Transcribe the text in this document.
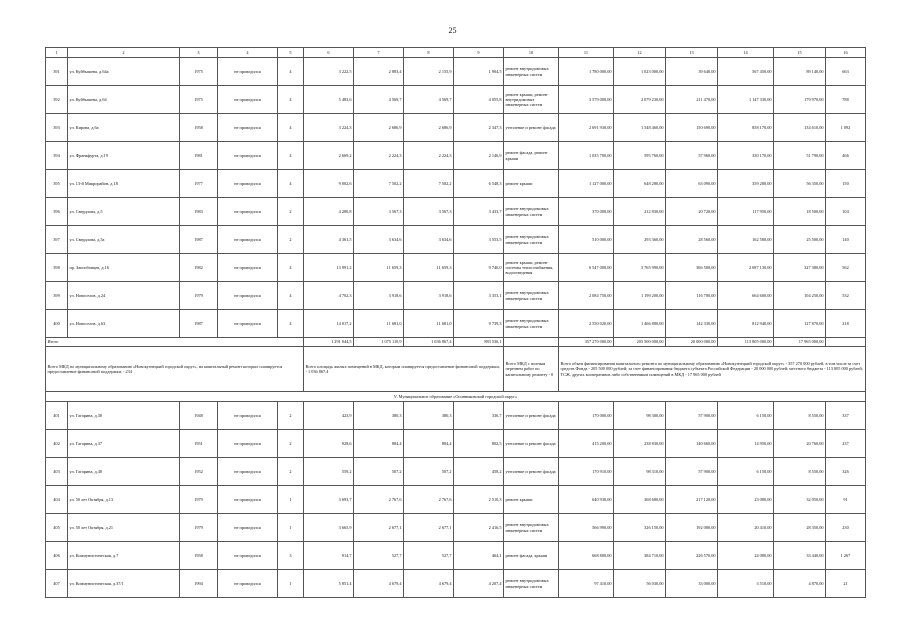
25
1	2	3	4	5	6	7	8	9	10	11	12	13	14	15	16
391	ул. Куйбышева, д.64а	1975	не проводился	4	3 222,5	2 883,4	2 155,9	1 904,5	ремонт внутридомовых инженерных систем	1 780 000,00	1 023 000,00	39 640,00	567 450,00	89 140,00	663
392	ул. Куйбышева, д.64	1975	не проводился	4	5 483,6	4 569,7	4 569,7	4 055,8	ремонт крыши, ремонт внутридомовых инженерных систем	3 579 000,00	2 079 230,00	211 470,00	1 147 330,00	179 970,00	788
393	ул. Кирова, д.6а	1958	не проводился	4	3 224,3	2 686,9	2 686,9	2 347,3	утепление и ремонт фасада	2 691 930,00	1 548 460,00	150 690,00	858 170,00	134 610,00	1 092
394	ул. Франкфурта, д.19	1981	не проводился	4	2 669,2	2 224,3	2 224,3	2 146,9	ремонт фасада, ремонт крыши	1 035 700,00	595 760,00	57 960,00	330 170,00	51 790,00	466
395	ул. 13-й Микрорайон, д.18	1977	не проводился	4	9 002,6	7 502,2	7 502,2	6 548,3	ремонт крыши	1 127 000,00	648 280,00	63 090,00	359 280,00	56 350,00	150
396	ул. Свердлова, д.5	1983	не проводился	2	4 280,8	3 567,3	3 567,3	3 433,7	ремонт внутридомовых инженерных систем	370 000,00	212 830,00	20 720,00	117 950,00	18 500,00	104
397	ул. Свердлова, д.5а	1987	не проводился	2	4 361,5	3 634,6	3 634,6	3 553,5	ремонт внутридомовых инженерных систем	510 000,00	293 360,00	28 560,00	162 580,00	25 500,00	140
398	пр. Запсибовцев, д.16	1982	не проводился	4	13 991,2	11 659,3	11 659,3	9 746,0	ремонт крыши, ремонт системы теплоснабжения, водоотведения	6 547 000,00	3 765 990,00	366 500,00	2 087 130,00	327 380,00	562
399	ул. Новоселов, д.24	1979	не проводился	4	4 702,3	3 918,6	3 918,6	3 353,1	ремонт внутридомовых инженерных систем	2 084 750,00	1 199 200,00	116 700,00	664 600,00	104 250,00	532
400	ул. Новоселов, д.63	1987	не проводился	4	14 017,2	11 681,0	11 681,0	9 739,3	ремонт внутридомовых инженерных систем	2 550 020,00	1 466 880,00	142 330,00	812 940,00	127 870,00	218
Итого					1 291 044,5	1 075 110,9	1 036 867,4	883 536,1		357 270 000,00	205 500 000,00	20 000 000,00	113 805 000,00	17 965 000,00	
Всего МКД по муниципальному образованию «Новокузнецкий городской округ», на капитальный ремонт которых планируется предоставление финансовой поддержки, - 234					Всего площадь жилых помещений в МКД, которым планируется предоставление финансовой поддержки, - 1 036 867,4				Всего МКД с полным перечнем работ по капитальному ремонту - 0	Всего объем финансирования капитального ремонта по муниципальному образованию «Новокузнецкий городской округ» - 357 270 000 рублей, в том числе за счет средств Фонда - 205 500 000 рублей; за счет финансирования бюджета субъекта Российской Федерации - 20 000 000 рублей; местного бюджета - 113 805 000 рублей; ТСЖ, других кооперативов либо собственников помещений в МКД - 17 965 000 рублей					
V. Муниципальное образование «Осинниковский городской округ»															
401	ул. Гагарина, д.30	1948	не проводился	2	423,9	380,3	380,3	336,7	утепление и ремонт фасада	170 000,00	98 300,00	57 900,00	6 150,00	8 550,00	337
402	ул. Гагарина, д.37	1951	не проводился	2	928,6	884,4	884,4	802,5	утепление и ремонт фасада	415 200,00	238 830,00	140 660,00	14 950,00	20 760,00	237
403	ул. Гагарина, д.40	1952	не проводился	2	559,2	507,2	507,2	458,2	утепление и ремонт фасада	170 910,00	98 310,00	57 900,00	6 150,00	8 550,00	326
404	ул. 50 лет Октября, д.13	1979	не проводился	1	3 693,7	2 767,6	2 767,6	2 510,3	ремонт крыши	640 930,00	368 680,00	217 120,00	23 080,00	32 050,00	91
405	ул. 50 лет Октября, д.21	1979	не проводился	1	3 665,9	2 677,1	2 677,1	2 416,5	ремонт внутридомовых инженерных систем	566 990,00	326 150,00	192 080,00	20 410,00	28 350,00	230
406	ул. Коммунистическая, д.7	1958	не проводился	3	914,7	527,7	527,7	464,1	ремонт фасада, крыши	668 800,00	384 710,00	226 570,00	24 080,00	33 440,00	1 267
407	ул. Коммунистическая, д.37/1	1994	не проводился	1	5 851,4	4 679,4	4 679,4	4 207,4	ремонт внутридомовых инженерных систем	97 410,00	56 030,00	33 000,00	3 510,00	4 870,00	21
